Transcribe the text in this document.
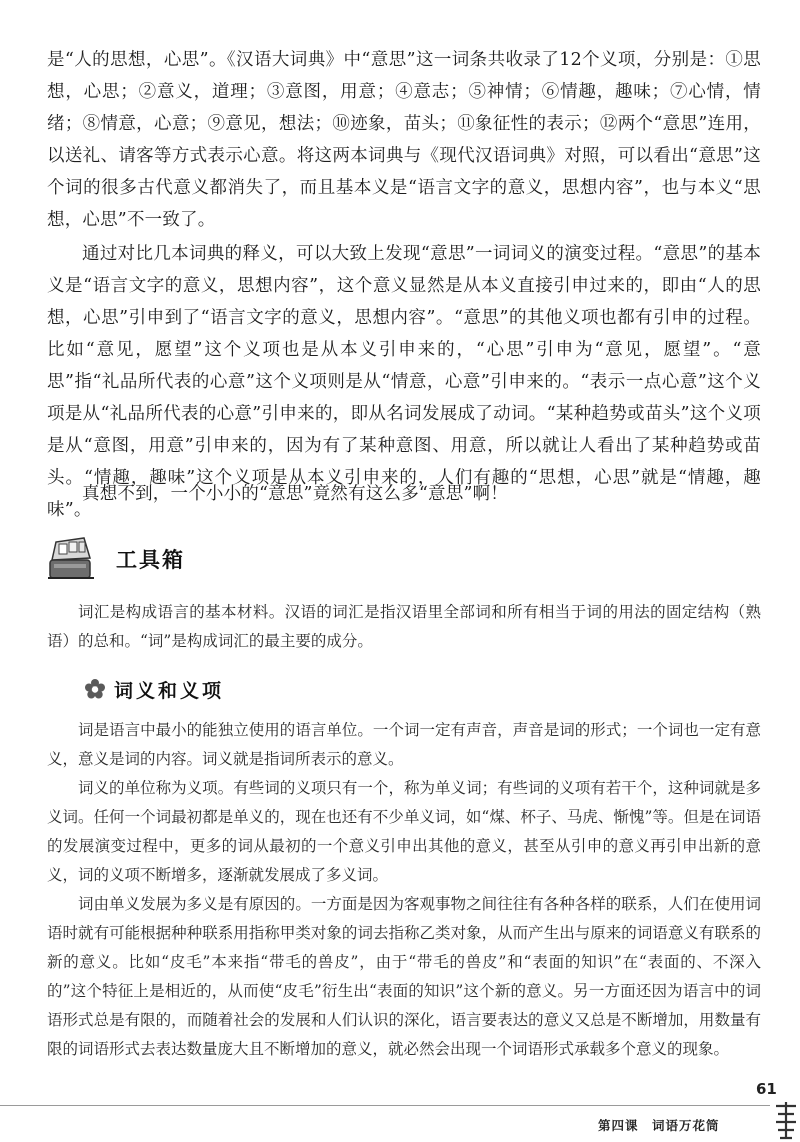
是“人的思想，心思”。《汉语大词典》中“意思”这一词条共收录了12个义项，分别是：①思想，心思；②意义，道理；③意图，用意；④意志；⑤神情；⑥情趣，趣味；⑦心情，情绪；⑧情意，心意；⑨意见，想法；⑩迹象，苗头；⑪象征性的表示；⑫两个“意思”连用，以送礼、请客等方式表示心意。将这两本词典与《现代汉语词典》对照，可以看出“意思”这个词的很多古代意义都消失了，而且基本义是“语言文字的意义，思想内容”，也与本义“思想，心思”不一致了。

通过对比几本词典的释义，可以大致上发现“意思”一词词义的演变过程。“意思”的基本义是“语言文字的意义，思想内容”，这个意义显然是从本义直接引申过来的，即由“人的思想，心思”引申到了“语言文字的意义，思想内容”。“意思”的其他义项也都有引申的过程。比如“意见，愿望”这个义项也是从本义引申来的，“心思”引申为“意见，愿望”。“意思”指“礼品所代表的心意”这个义项则是从“情意，心意”引申来的。“表示一点心意”这个义项是从“礼品所代表的心意”引申来的，即从名词发展成了动词。“某种趋势或苗头”这个义项是从“意图，用意”引申来的，因为有了某种意图、用意，所以就让人看出了某种趋势或苗头。“情趣，趣味”这个义项是从本义引申来的，人们有趣的“思想，心思”就是“情趣，趣味”。

真想不到，一个小小的“意思”竟然有这么多“意思”啊！

工具箱

词汇是构成语言的基本材料。汉语的词汇是指汉语里全部词和所有相当于词的用法的固定结构（熟语）的总和。“词”是构成词汇的最主要的成分。

词义和义项

词是语言中最小的能独立使用的语言单位。一个词一定有声音，声音是词的形式；一个词也一定有意义，意义是词的内容。词义就是指词所表示的意义。

词义的单位称为义项。有些词的义项只有一个，称为单义词；有些词的义项有若干个，这种词就是多义词。任何一个词最初都是单义的，现在也还有不少单义词，如“煤、杯子、马虎、惭愧”等。但是在词语的发展演变过程中，更多的词从最初的一个意义引申出其他的意义，甚至从引申的意义再引申出新的意义，词的义项不断增多，逐渐就发展成了多义词。

词由单义发展为多义是有原因的。一方面是因为客观事物之间往往有各种各样的联系，人们在使用词语时就有可能根据种种联系用指称甲类对象的词去指称乙类对象，从而产生出与原来的词语意义有联系的新的意义。比如“皮毛”本来指“带毛的兽皮”，由于“带毛的兽皮”和“表面的知识”在“表面的、不深入的”这个特征上是相近的，从而使“皮毛”衍生出“表面的知识”这个新的意义。另一方面还因为语言中的词语形式总是有限的，而随着社会的发展和人们认识的深化，语言要表达的意义又总是不断增加，用数量有限的词语形式去表达数量庞大且不断增加的意义，就必然会出现一个词语形式承载多个意义的现象。

61
第四课　词语万花筒
